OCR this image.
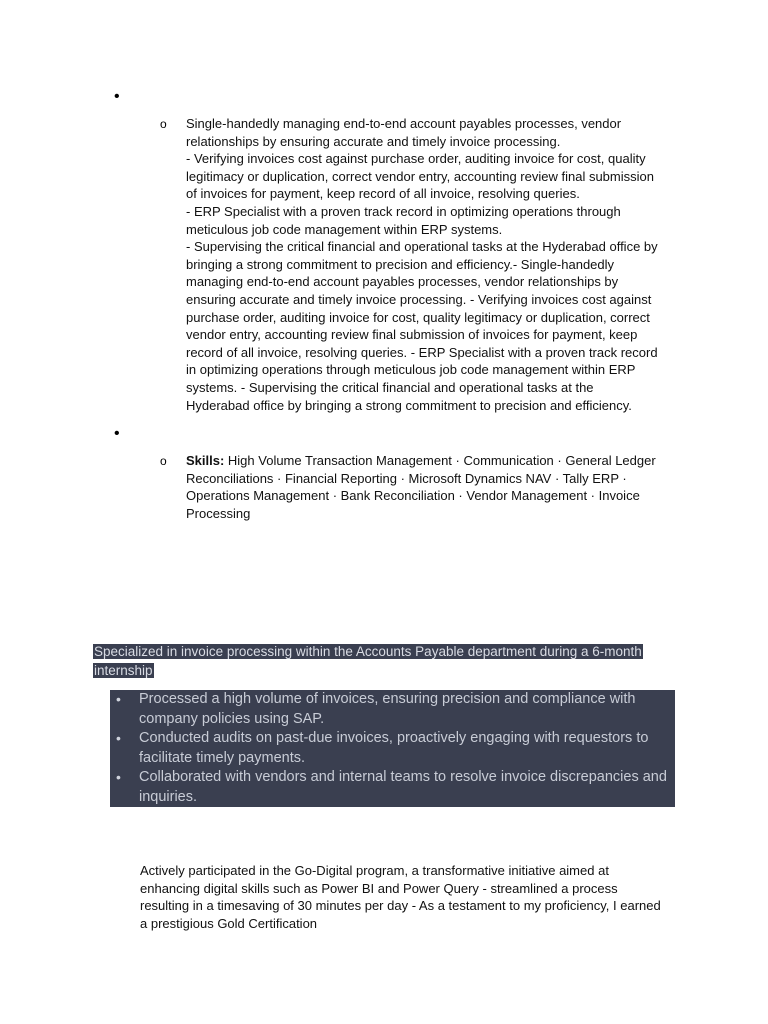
•
o Single-handedly managing end-to-end account payables processes, vendor relationships by ensuring accurate and timely invoice processing.
- Verifying invoices cost against purchase order, auditing invoice for cost, quality legitimacy or duplication, correct vendor entry, accounting review final submission of invoices for payment, keep record of all invoice, resolving queries.
- ERP Specialist with a proven track record in optimizing operations through meticulous job code management within ERP systems.
- Supervising the critical financial and operational tasks at the Hyderabad office by bringing a strong commitment to precision and efficiency.- Single-handedly managing end-to-end account payables processes, vendor relationships by ensuring accurate and timely invoice processing. - Verifying invoices cost against purchase order, auditing invoice for cost, quality legitimacy or duplication, correct vendor entry, accounting review final submission of invoices for payment, keep record of all invoice, resolving queries. - ERP Specialist with a proven track record in optimizing operations through meticulous job code management within ERP systems. - Supervising the critical financial and operational tasks at the Hyderabad office by bringing a strong commitment to precision and efficiency.
•
o Skills: High Volume Transaction Management · Communication · General Ledger Reconciliations · Financial Reporting · Microsoft Dynamics NAV · Tally ERP · Operations Management · Bank Reconciliation · Vendor Management · Invoice Processing
Specialized in invoice processing within the Accounts Payable department during a 6-month internship
• Processed a high volume of invoices, ensuring precision and compliance with company policies using SAP.
• Conducted audits on past-due invoices, proactively engaging with requestors to facilitate timely payments.
• Collaborated with vendors and internal teams to resolve invoice discrepancies and inquiries.
Actively participated in the Go-Digital program, a transformative initiative aimed at enhancing digital skills such as Power BI and Power Query - streamlined a process resulting in a timesaving of 30 minutes per day - As a testament to my proficiency, I earned a prestigious Gold Certification
